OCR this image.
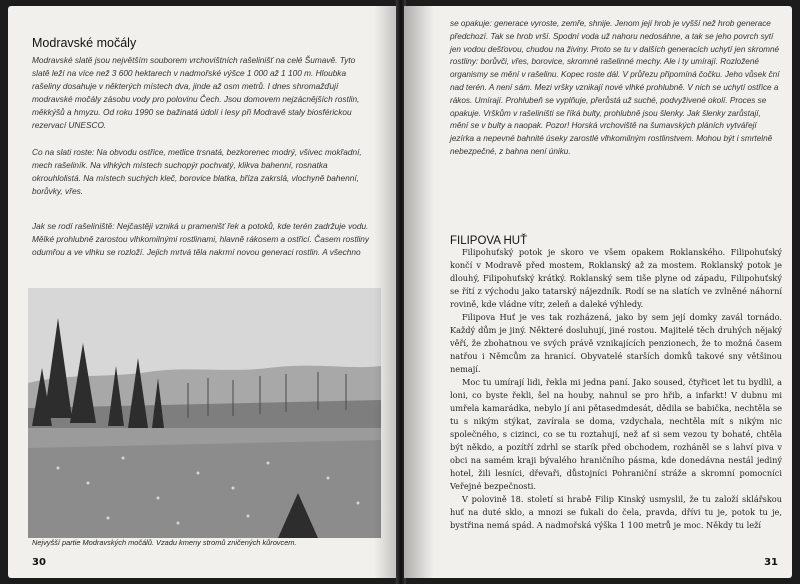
Modravské močály

Modravské slatě jsou největším souborem vrchovištních rašelinišť na celé Šumavě. Tyto slatě leží na více než 3 600 hektarech v nadmořské výšce 1 000 až 1 100 m. Hloubka rašeliny dosahuje v některých místech dva, jinde až osm metrů. I dnes shromažďují modravské močály zásobu vody pro polovinu Čech. Jsou domovem nejzácnějších rostlin, měkkýšů a hmyzu. Od roku 1990 se bažinatá údolí i lesy při Modravě staly biosférickou rezervací UNESCO.

Co na slati roste: Na obvodu ostřice, metlice trsnatá, bezkorenec modrý, všivec mokřadní, mech rašeliník. Na vlhkých místech suchopýr pochvatý, klikva bahenní, rosnatka okrouhlolistá. Na místech suchých kleč, borovice blatka, bříza zakrslá, vlochyně bahenní, borůvky, vřes.

Jak se rodí rašeliniště: Nejčastěji vzniká u pramenišť řek a potoků, kde terén zadržuje vodu. Mělké prohlubně zarostou vlhkomilnými rostlinami, hlavně rákosem a ostřicí. Časem rostliny odumřou a ve vlhku se rozloží. Jejich mrtvá těla nakrmí novou generaci rostlin. A všechno

Nejvyšší partie Modravských močálů. Vzadu kmeny stromů zničených kůrovcem.
30

se opakuje: generace vyroste, zemře, shnije. Jenom její hrob je vyšší než hrob generace předchozí. Tak se hrob vrší. Spodní voda už nahoru nedosáhne, a tak se jeho povrch sytí jen vodou dešťovou, chudou na živiny. Proto se tu v dalších generacích uchytí jen skromné rostliny: borůvči, vřes, borovice, skromné rašelinné mechy. Ale i ty umírají. Rozložené organismy se mění v rašelinu. Kopec roste dál. V průřezu připomíná čočku. Jeho vůsek ční nad terén. A není sám. Mezi vršky vznikají nové vlhké prohlubně. V nich se uchytí ostřice a rákos. Umírají. Prohlubeň se vyplňuje, přerůstá už suché, podvyživené okolí. Proces se opakuje. Vrškům v rašeliništi se říká bulty, prohlubně jsou šlenky. Jak šlenky zarůstají, mění se v bulty a naopak. Pozor! Horská vrchoviště na šumavských pláních vytvářejí jezírka a nepevné bahnité úseky zarostlé vlhkomilným rostlinstvem. Mohou být i smrtelně nebezpečné, z bahna není úniku.

FILIPOVA HUŤ

Filipohuťský potok je skoro ve všem opakem Roklanského. Filipohuťský končí v Modravě před mostem, Roklanský až za mostem. Roklanský potok je dlouhý, Filipohuťský krátký. Roklanský sem tiše plyne od západu, Filipohuťský se řítí z východu jako tatarský nájezdník. Rodí se na slatích ve zvlněné náhorní rovině, kde vládne vítr, zeleň a daleké výhledy.

Filipova Huť je ves tak rozházená, jako by sem její domky zavál tornádo. Každý dům je jiný. Některé dosluhují, jiné rostou. Majitelé těch druhých nějaký věří, že zbohatnou ve svých právě vznikajících penzionech, že to možná časem natřou i Němcům za hranicí. Obyvatelé starších domků takové sny většinou nemají.

Moc tu umírají lidi, řekla mi jedna paní. Jako soused, čtyřicet let tu bydlil, a loni, co byste řekli, šel na houby, nahnul se pro hřib, a infarkt! V dubnu mi umřela kamarádka, nebylo jí ani pětasedmdesát, dědila se babička, nechtěla se tu s nikým stýkat, zavírala se doma, vzdychala, nechtěla mít s nikým nic společného, s cizinci, co se tu roztahují, než ať si sem vezou ty bohaté, chtěla být někdo, a pozítří zdrhl se starík před obchodem, rozháněl se s lahví piva v obci na samém kraji bývalého hraničního pásma, kde donedávna nestál jediný hotel, žili lesníci, dřevaři, důstojníci Pohraniční stráže a skromní pomocníci Veřejné bezpečnosti.

V polovině 18. století si hrabě Filip Kinský usmyslil, že tu založí sklářskou huť na duté sklo, a mnozi se fukali do čela, pravda, dřívi tu je, potok tu je, bystřina nemá spád. A nadmořská výška 1 100 metrů je moc. Někdy tu leží

31
